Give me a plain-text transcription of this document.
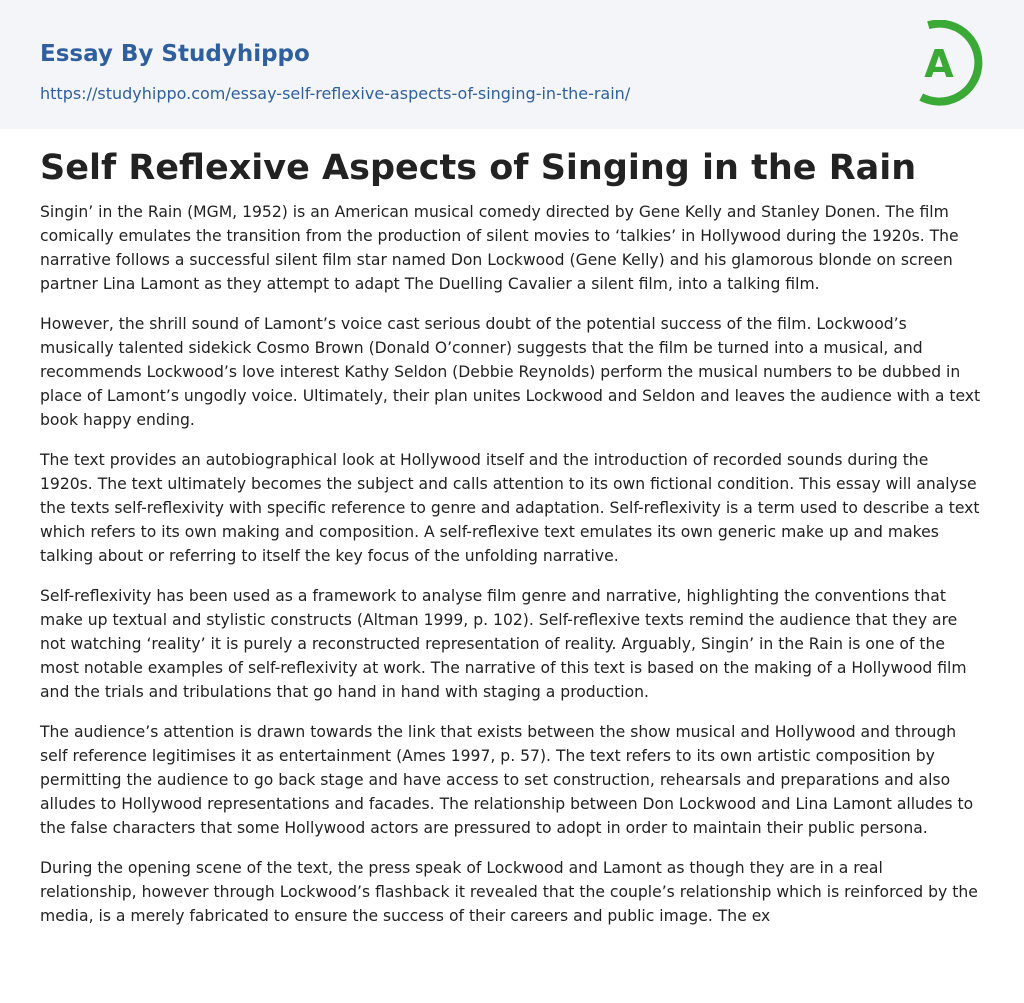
Essay By Studyhippo
https://studyhippo.com/essay-self-reflexive-aspects-of-singing-in-the-rain/
A
Self Reflexive Aspects of Singing in the Rain

Singin’ in the Rain (MGM, 1952) is an American musical comedy directed by Gene Kelly and Stanley Donen. The film comically emulates the transition from the production of silent movies to ‘talkies’ in Hollywood during the 1920s. The narrative follows a successful silent film star named Don Lockwood (Gene Kelly) and his glamorous blonde on screen partner Lina Lamont as they attempt to adapt The Duelling Cavalier a silent film, into a talking film.

However, the shrill sound of Lamont’s voice cast serious doubt of the potential success of the film. Lockwood’s musically talented sidekick Cosmo Brown (Donald O’conner) suggests that the film be turned into a musical, and recommends Lockwood’s love interest Kathy Seldon (Debbie Reynolds) perform the musical numbers to be dubbed in place of Lamont’s ungodly voice. Ultimately, their plan unites Lockwood and Seldon and leaves the audience with a text book happy ending.

The text provides an autobiographical look at Hollywood itself and the introduction of recorded sounds during the 1920s. The text ultimately becomes the subject and calls attention to its own fictional condition. This essay will analyse the texts self-reflexivity with specific reference to genre and adaptation. Self-reflexivity is a term used to describe a text which refers to its own making and composition. A self-reflexive text emulates its own generic make up and makes talking about or referring to itself the key focus of the unfolding narrative.

Self-reflexivity has been used as a framework to analyse film genre and narrative, highlighting the conventions that make up textual and stylistic constructs (Altman 1999, p. 102). Self-reflexive texts remind the audience that they are not watching ‘reality’ it is purely a reconstructed representation of reality. Arguably, Singin’ in the Rain is one of the most notable examples of self-reflexivity at work. The narrative of this text is based on the making of a Hollywood film and the trials and tribulations that go hand in hand with staging a production.

The audience’s attention is drawn towards the link that exists between the show musical and Hollywood and through self reference legitimises it as entertainment (Ames 1997, p. 57). The text refers to its own artistic composition by permitting the audience to go back stage and have access to set construction, rehearsals and preparations and also alludes to Hollywood representations and facades. The relationship between Don Lockwood and Lina Lamont alludes to the false characters that some Hollywood actors are pressured to adopt in order to maintain their public persona.

During the opening scene of the text, the press speak of Lockwood and Lamont as though they are in a real relationship, however through Lockwood’s flashback it revealed that the couple’s relationship which is reinforced by the media, is a merely fabricated to ensure the success of their careers and public image. The ex
